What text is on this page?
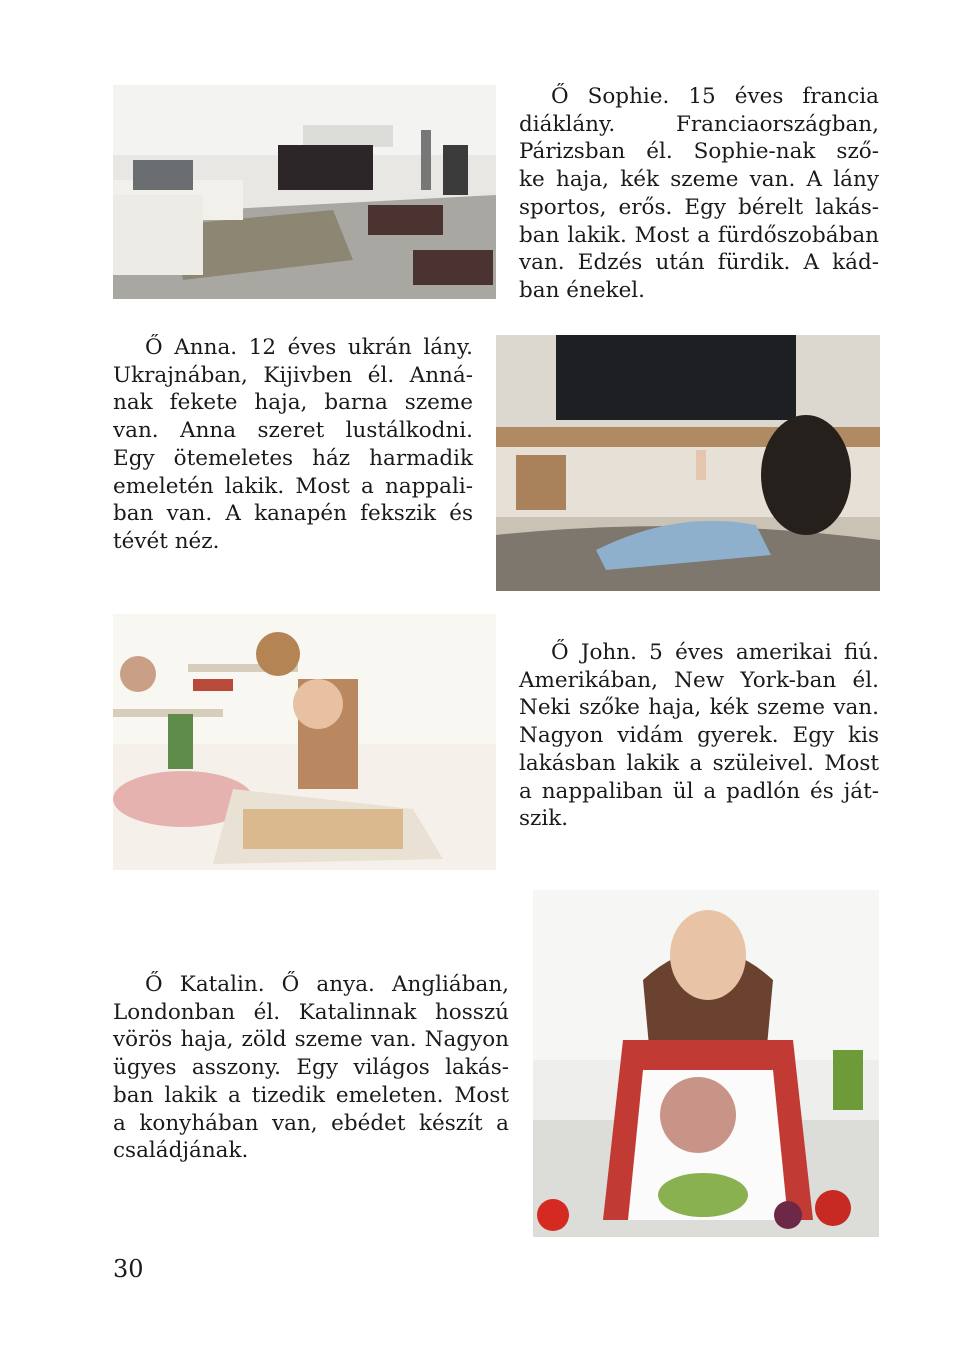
Ő Sophie. 15 éves francia
diáklány. Franciaországban,
Párizsban él. Sophie-nak sző-
ke haja, kék szeme van. A lány
sportos, erős. Egy bérelt lakás-
ban lakik. Most a fürdőszobában
van. Edzés után fürdik. A kád-
ban énekel.
Ő Anna. 12 éves ukrán lány.
Ukrajnában, Kijivben él. Anná-
nak fekete haja, barna szeme
van. Anna szeret lustálkodni.
Egy ötemeletes ház harmadik
emeletén lakik. Most a nappali-
ban van. A kanapén fekszik és
tévét néz.
Ő John. 5 éves amerikai fiú.
Amerikában, New York-ban él.
Neki szőke haja, kék szeme van.
Nagyon vidám gyerek. Egy kis
lakásban lakik a szüleivel. Most
a nappaliban ül a padlón és ját-
szik.
Ő Katalin. Ő anya. Angliában,
Londonban él. Katalinnak hosszú
vörös haja, zöld szeme van. Nagyon
ügyes asszony. Egy világos lakás-
ban lakik a tizedik emeleten. Most
a konyhában van, ebédet készít a
családjának.
30
